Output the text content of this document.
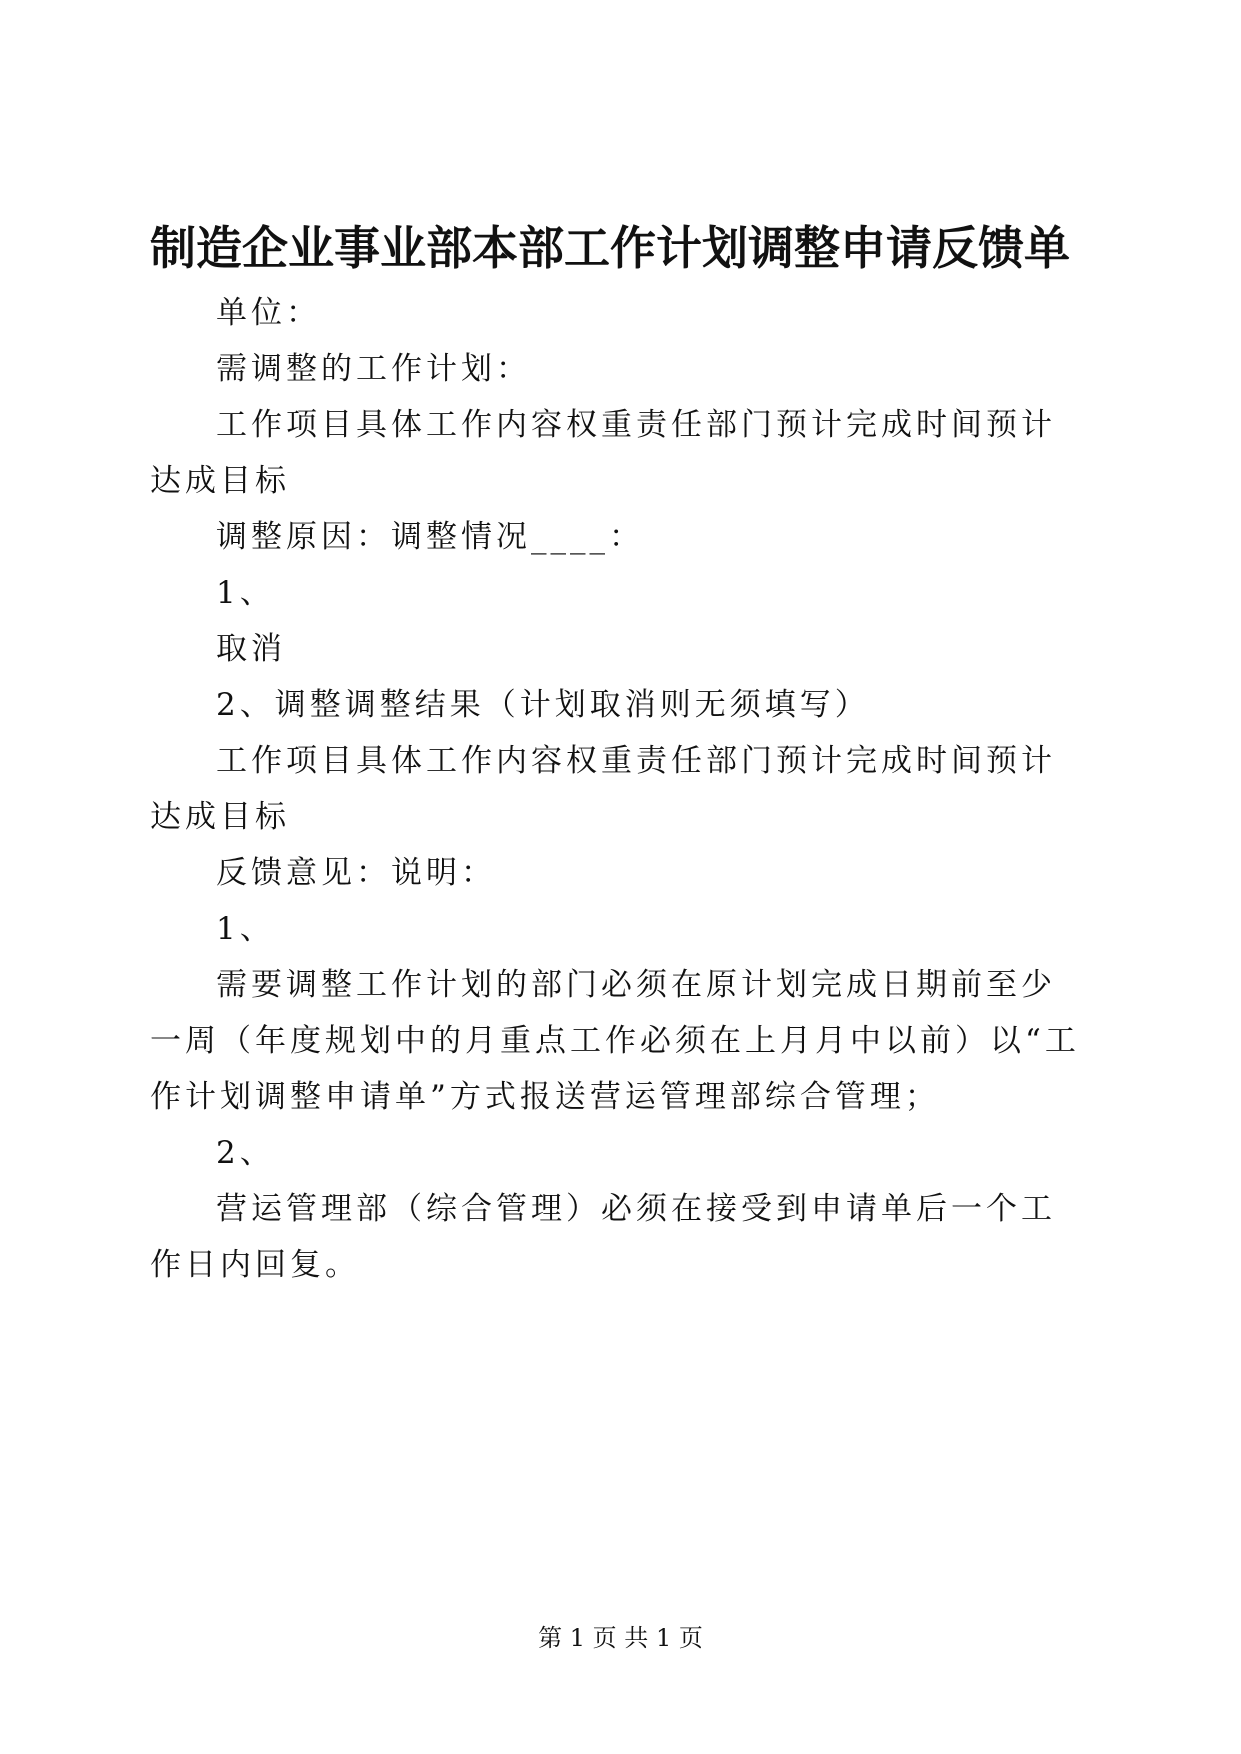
制造企业事业部本部工作计划调整申请反馈单

单位：

需调整的工作计划：

工作项目具体工作内容权重责任部门预计完成时间预计达成目标

调整原因：调整情况____：

1、

取消

2、调整调整结果（计划取消则无须填写）

工作项目具体工作内容权重责任部门预计完成时间预计达成目标

反馈意见：说明：

1、

需要调整工作计划的部门必须在原计划完成日期前至少一周（年度规划中的月重点工作必须在上月月中以前）以“工作计划调整申请单”方式报送营运管理部综合管理；

2、

营运管理部（综合管理）必须在接受到申请单后一个工作日内回复。

第 1 页 共 1 页
